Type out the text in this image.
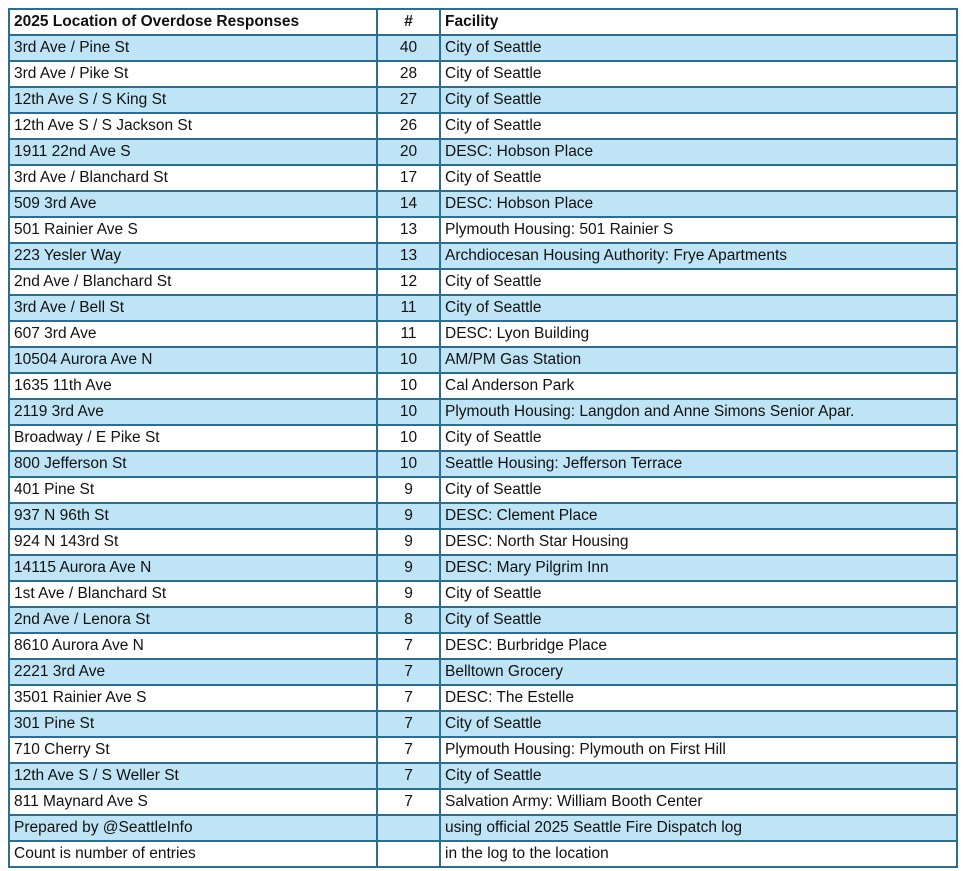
2025 Location of Overdose Responses	#	Facility
3rd Ave / Pine St	40	City of Seattle
3rd Ave / Pike St	28	City of Seattle
12th Ave S / S King St	27	City of Seattle
12th Ave S / S Jackson St	26	City of Seattle
1911 22nd Ave S	20	DESC: Hobson Place
3rd Ave / Blanchard St	17	City of Seattle
509 3rd Ave	14	DESC: Hobson Place
501 Rainier Ave S	13	Plymouth Housing: 501 Rainier S
223 Yesler Way	13	Archdiocesan Housing Authority: Frye Apartments
2nd Ave / Blanchard St	12	City of Seattle
3rd Ave / Bell St	11	City of Seattle
607 3rd Ave	11	DESC: Lyon Building
10504 Aurora Ave N	10	AM/PM Gas Station
1635 11th Ave	10	Cal Anderson Park
2119 3rd Ave	10	Plymouth Housing: Langdon and Anne Simons Senior Apar.
Broadway / E Pike St	10	City of Seattle
800 Jefferson St	10	Seattle Housing: Jefferson Terrace
401 Pine St	9	City of Seattle
937 N 96th St	9	DESC: Clement Place
924 N 143rd St	9	DESC: North Star Housing
14115 Aurora Ave N	9	DESC: Mary Pilgrim Inn
1st Ave / Blanchard St	9	City of Seattle
2nd Ave / Lenora St	8	City of Seattle
8610 Aurora Ave N	7	DESC: Burbridge Place
2221 3rd Ave	7	Belltown Grocery
3501 Rainier Ave S	7	DESC: The Estelle
301 Pine St	7	City of Seattle
710 Cherry St	7	Plymouth Housing: Plymouth on First Hill
12th Ave S / S Weller St	7	City of Seattle
811 Maynard Ave S	7	Salvation Army: William Booth Center
Prepared by @SeattleInfo		using official 2025 Seattle Fire Dispatch log
Count is number of entries		in the log to the location
